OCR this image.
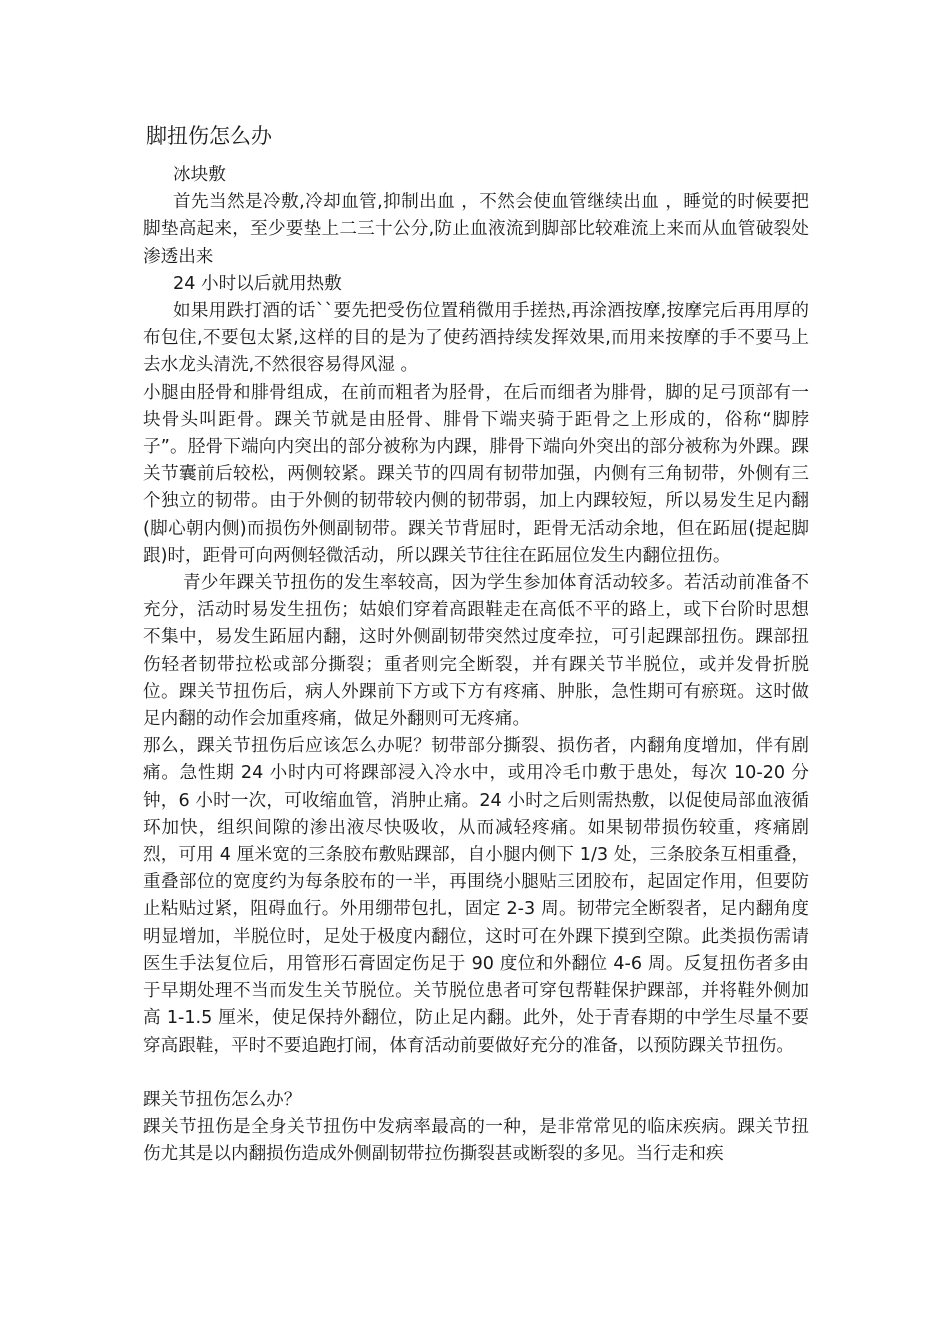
脚扭伤怎么办

冰块敷

首先当然是冷敷,冷却血管,抑制出血 ，不然会使血管继续出血 ，睡觉的时候要把脚垫高起来，至少要垫上二三十公分,防止血液流到脚部比较难流上来而从血管破裂处渗透出来

24 小时以后就用热敷

如果用跌打酒的话``要先把受伤位置稍微用手搓热,再涂酒按摩,按摩完后再用厚的布包住,不要包太紧,这样的目的是为了使药酒持续发挥效果,而用来按摩的手不要马上去水龙头清洗,不然很容易得风湿 。

小腿由胫骨和腓骨组成，在前而粗者为胫骨，在后而细者为腓骨，脚的足弓顶部有一块骨头叫距骨。踝关节就是由胫骨、腓骨下端夹骑于距骨之上形成的，俗称“脚脖子”。胫骨下端向内突出的部分被称为内踝，腓骨下端向外突出的部分被称为外踝。踝关节囊前后较松，两侧较紧。踝关节的四周有韧带加强，内侧有三角韧带，外侧有三个独立的韧带。由于外侧的韧带较内侧的韧带弱，加上内踝较短，所以易发生足内翻(脚心朝内侧)而损伤外侧副韧带。踝关节背屈时，距骨无活动余地，但在跖屈(提起脚跟)时，距骨可向两侧轻微活动，所以踝关节往往在跖屈位发生内翻位扭伤。

青少年踝关节扭伤的发生率较高，因为学生参加体育活动较多。若活动前准备不充分，活动时易发生扭伤；姑娘们穿着高跟鞋走在高低不平的路上，或下台阶时思想不集中，易发生跖屈内翻，这时外侧副韧带突然过度牵拉，可引起踝部扭伤。踝部扭伤轻者韧带拉松或部分撕裂；重者则完全断裂，并有踝关节半脱位，或并发骨折脱位。踝关节扭伤后，病人外踝前下方或下方有疼痛、肿胀，急性期可有瘀斑。这时做足内翻的动作会加重疼痛，做足外翻则可无疼痛。

那么，踝关节扭伤后应该怎么办呢？韧带部分撕裂、损伤者，内翻角度增加，伴有剧痛。急性期 24 小时内可将踝部浸入冷水中，或用冷毛巾敷于患处，每次 10-20 分钟，6 小时一次，可收缩血管，消肿止痛。24 小时之后则需热敷，以促使局部血液循环加快，组织间隙的渗出液尽快吸收，从而减轻疼痛。如果韧带损伤较重，疼痛剧烈，可用 4 厘米宽的三条胶布敷贴踝部，自小腿内侧下 1/3 处，三条胶条互相重叠，重叠部位的宽度约为每条胶布的一半，再围绕小腿贴三团胶布，起固定作用，但要防止粘贴过紧，阻碍血行。外用绷带包扎，固定 2-3 周。韧带完全断裂者，足内翻角度明显增加，半脱位时，足处于极度内翻位，这时可在外踝下摸到空隙。此类损伤需请医生手法复位后，用管形石膏固定伤足于 90 度位和外翻位 4-6 周。反复扭伤者多由于早期处理不当而发生关节脱位。关节脱位患者可穿包帮鞋保护踝部，并将鞋外侧加高 1-1.5 厘米，使足保持外翻位，防止足内翻。此外，处于青春期的中学生尽量不要穿高跟鞋，平时不要追跑打闹，体育活动前要做好充分的准备，以预防踝关节扭伤。

踝关节扭伤怎么办？

踝关节扭伤是全身关节扭伤中发病率最高的一种，是非常常见的临床疾病。踝关节扭伤尤其是以内翻损伤造成外侧副韧带拉伤撕裂甚或断裂的多见。当行走和疾
